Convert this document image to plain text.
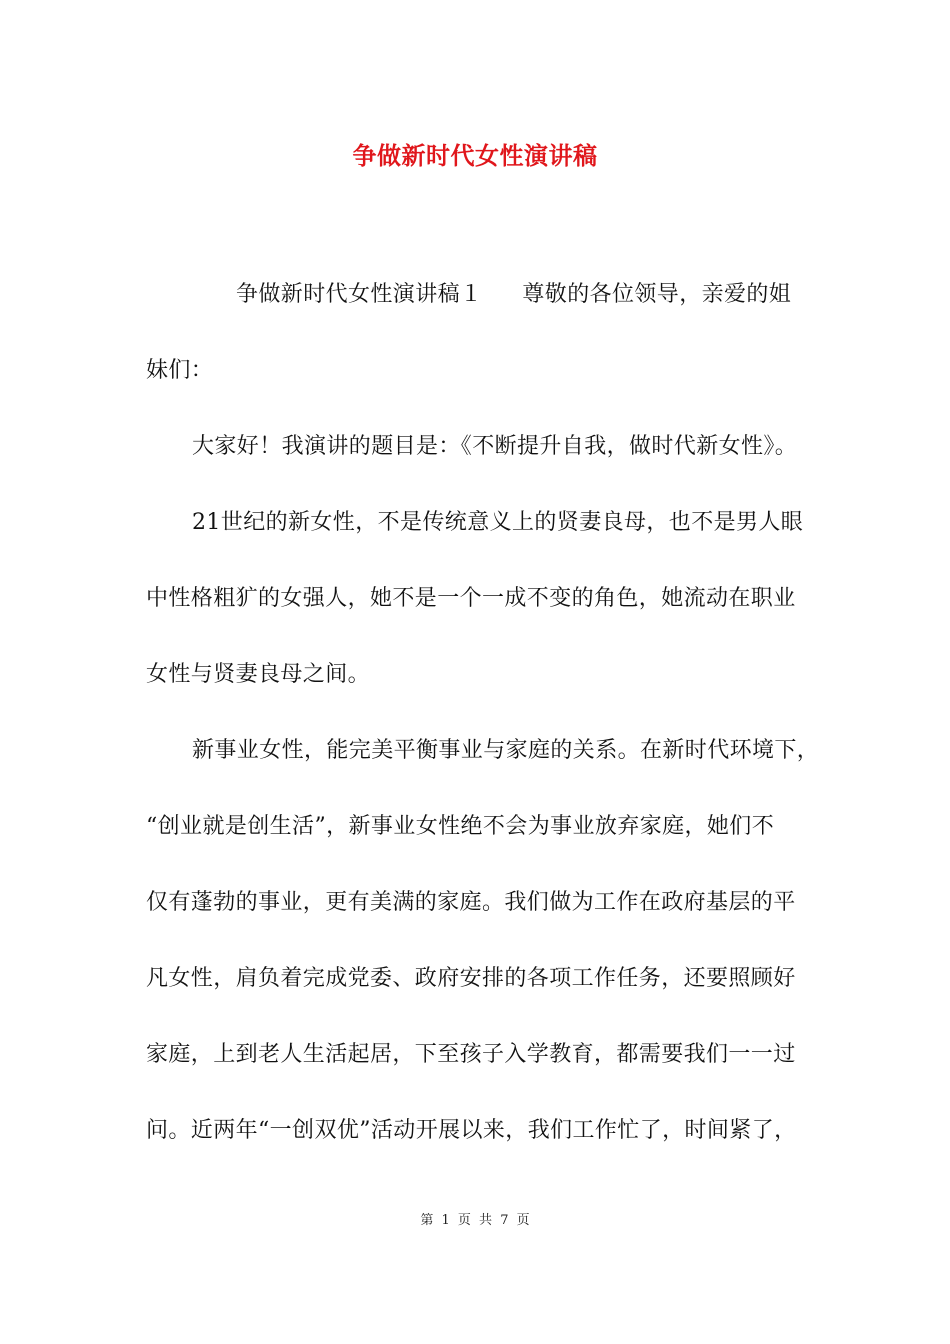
争做新时代女性演讲稿
争做新时代女性演讲稿１ 尊敬的各位领导，亲爱的姐
妹们：
大家好！我演讲的题目是：《不断提升自我，做时代新女性》。
21世纪的新女性，不是传统意义上的贤妻良母，也不是男人眼
中性格粗犷的女强人，她不是一个一成不变的角色，她流动在职业
女性与贤妻良母之间。
新事业女性，能完美平衡事业与家庭的关系。在新时代环境下，
“创业就是创生活”，新事业女性绝不会为事业放弃家庭，她们不
仅有蓬勃的事业，更有美满的家庭。我们做为工作在政府基层的平
凡女性，肩负着完成党委、政府安排的各项工作任务，还要照顾好
家庭，上到老人生活起居，下至孩子入学教育，都需要我们一一过
问。近两年“一创双优”活动开展以来，我们工作忙了，时间紧了，
第 1 页 共 7 页
